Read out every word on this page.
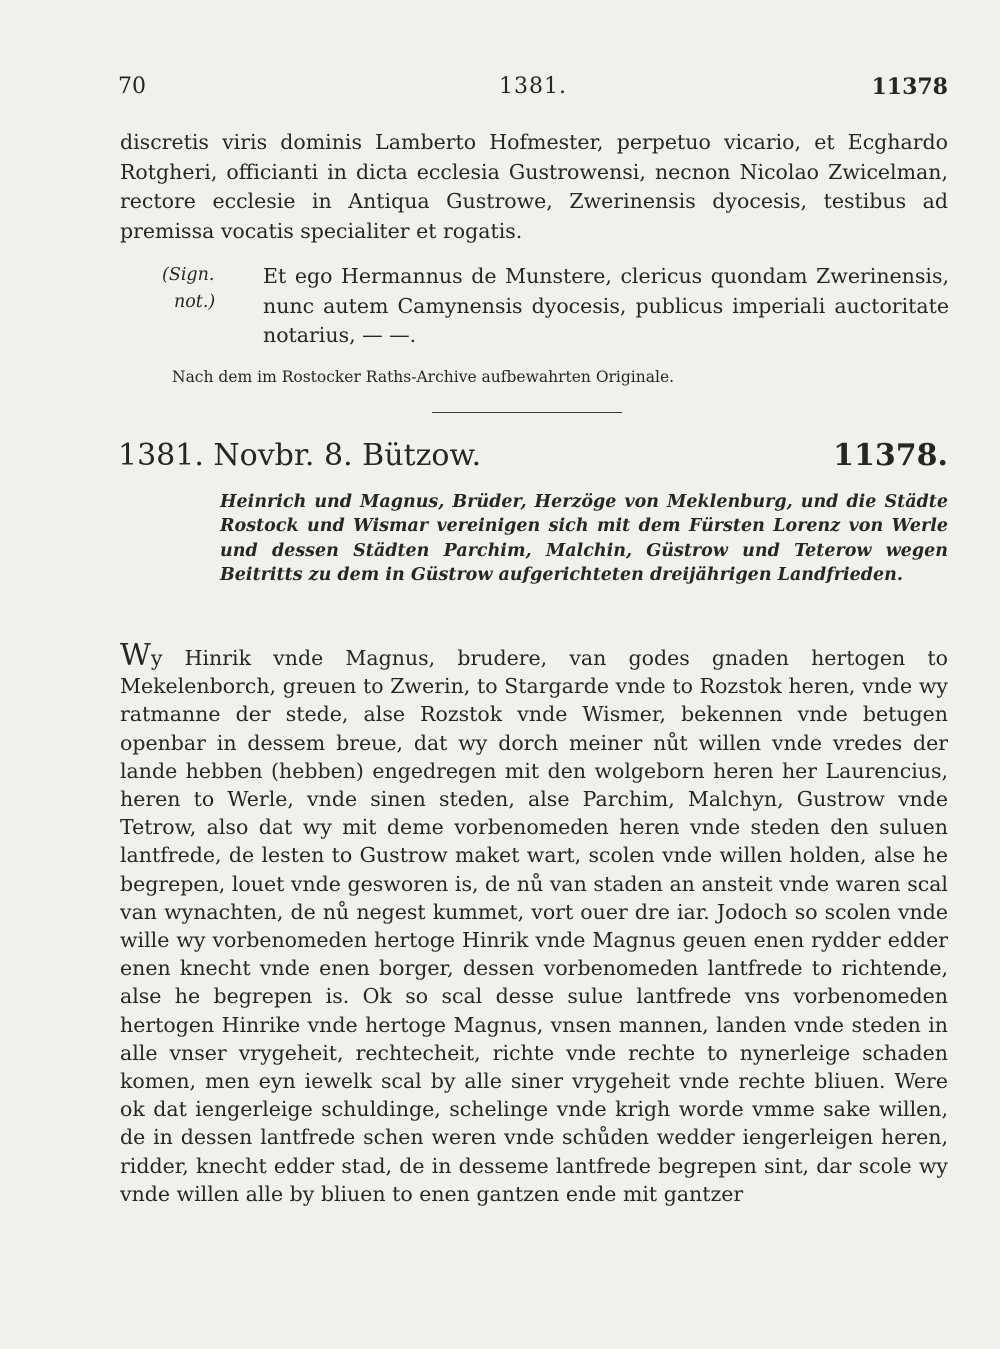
70	1381.	11378

discretis viris dominis Lamberto Hofmester, perpetuo vicario, et Ecghardo Rotgheri, officianti in dicta ecclesia Gustrowensi, necnon Nicolao Zwicelman, rectore ecclesie in Antiqua Gustrowe, Zwerinensis dyocesis, testibus ad premissa vocatis specialiter et rogatis.

(Sign.
not.)
Et ego Hermannus de Munstere, clericus quondam Zwerinensis, nunc autem Camynensis dyocesis, publicus imperiali auctoritate notarius, — —.
Nach dem im Rostocker Raths-Archive aufbewahrten Originale.
1381. Novbr. 8. Bützow.	11378.
Heinrich und Magnus, Brüder, Herzöge von Meklenburg, und die Städte Rostock und Wismar vereinigen sich mit dem Fürsten Lorenz von Werle und dessen Städten Parchim, Malchin, Güstrow und Teterow wegen Beitritts zu dem in Güstrow aufgerichteten dreijährigen Landfrieden.
Wy Hinrik vnde Magnus, brudere, van godes gnaden hertogen to Mekelenborch, greuen to Zwerin, to Stargarde vnde to Rozstok heren, vnde wy ratmanne der stede, alse Rozstok vnde Wismer, bekennen vnde betugen openbar in dessem breue, dat wy dorch meiner nůt willen vnde vredes der lande hebben (hebben) engedregen mit den wolgeborn heren her Laurencius, heren to Werle, vnde sinen steden, alse Parchim, Malchyn, Gustrow vnde Tetrow, also dat wy mit deme vorbenomeden heren vnde steden den suluen lantfrede, de lesten to Gustrow maket wart, scolen vnde willen holden, alse he begrepen, louet vnde gesworen is, de nů van staden an ansteit vnde waren scal van wynachten, de nů negest kummet, vort ouer dre iar. Jodoch so scolen vnde wille wy vorbenomeden hertoge Hinrik vnde Magnus geuen enen rydder edder enen knecht vnde enen borger, dessen vorbenomeden lantfrede to richtende, alse he begrepen is. Ok so scal desse sulue lantfrede vns vorbenomeden hertogen Hinrike vnde hertoge Magnus, vnsen mannen, landen vnde steden in alle vnser vrygeheit, rechtecheit, richte vnde rechte to nynerleige schaden komen, men eyn iewelk scal by alle siner vrygeheit vnde rechte bliuen. Were ok dat iengerleige schuldinge, schelinge vnde krigh worde vmme sake willen, de in dessen lantfrede schen weren vnde schůden wedder iengerleigen heren, ridder, knecht edder stad, de in desseme lantfrede begrepen sint, dar scole wy vnde willen alle by bliuen to enen gantzen ende mit gantzer
